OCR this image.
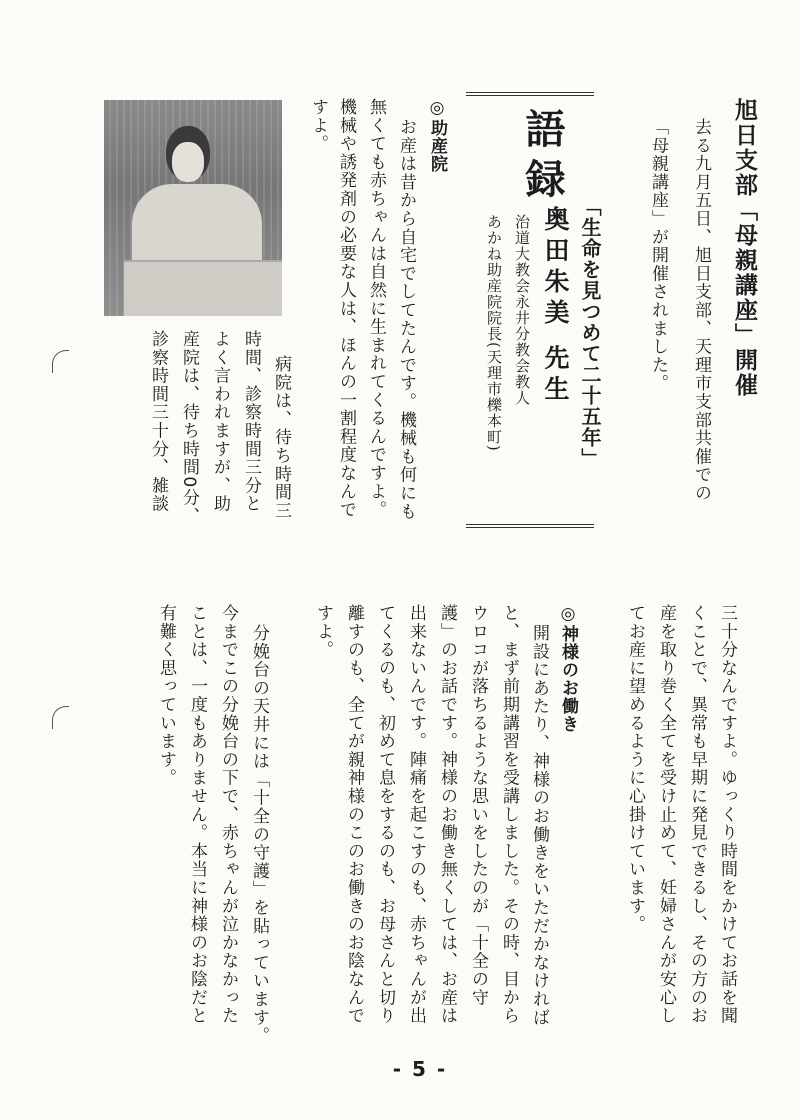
旭日支部「母親講座」開催
去る九月五日、旭日支部、天理市支部共催での
「母親講座」が開催されました。
語録
「生命を見つめて二十五年」
奥田朱美 先生
治道大教会永井分教会教人
あかね助産院院長(天理市櫟本町)
◎助産院
お産は昔から自宅でしてたんです。機械も何にも
無くても赤ちゃんは自然に生まれてくるんですよ。
機械や誘発剤の必要な人は、ほんの一割程度なんで
すよ。
病院は、待ち時間三
時間、診察時間三分と
よく言われますが、助
産院は、待ち時間0分、
診察時間三十分、雑談
三十分なんですよ。ゆっくり時間をかけてお話を聞
くことで、異常も早期に発見できるし、その方のお
産を取り巻く全てを受け止めて、妊婦さんが安心し
てお産に望めるように心掛けています。
◎神様のお働き
開設にあたり、神様のお働きをいただかなければ
と、まず前期講習を受講しました。その時、目から
ウロコが落ちるような思いをしたのが「十全の守
護」のお話です。神様のお働き無くしては、お産は
出来ないんです。陣痛を起こすのも、赤ちゃんが出
てくるのも、初めて息をするのも、お母さんと切り
離すのも、全てが親神様のこのお働きのお陰なんで
すよ。
分娩台の天井には「十全の守護」を貼っています。
今までこの分娩台の下で、赤ちゃんが泣かなかった
ことは、一度もありません。本当に神様のお陰だと
有難く思っています。
- 5 -
